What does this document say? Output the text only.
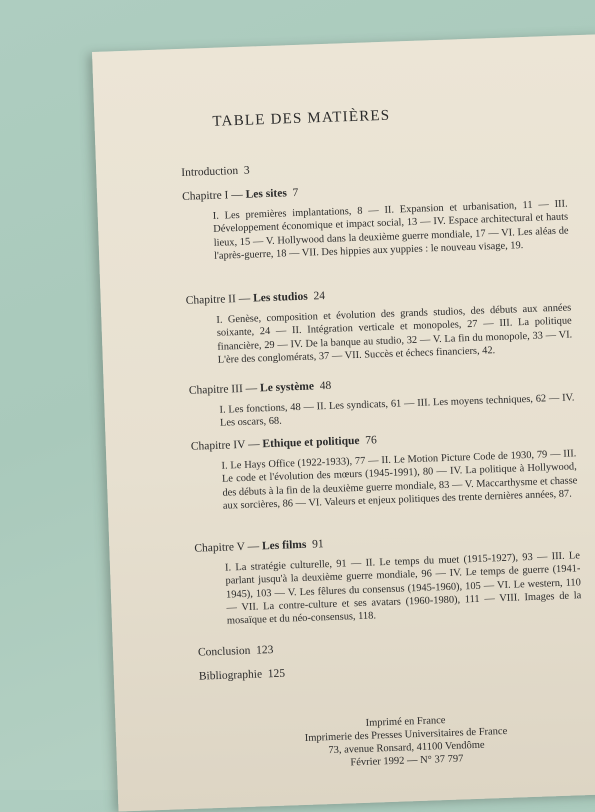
TABLE DES MATIÈRES
Introduction 3
Chapitre I — Les sites 7
I. Les premières implantations, 8 — II. Expansion et urbanisation, 11 — III. Développement économique et impact social, 13 — IV. Espace architectural et hauts lieux, 15 — V. Hollywood dans la deuxième guerre mondiale, 17 — VI. Les aléas de l'après-guerre, 18 — VII. Des hippies aux yuppies : le nouveau visage, 19.
Chapitre II — Les studios 24
I. Genèse, composition et évolution des grands studios, des débuts aux années soixante, 24 — II. Intégration verticale et monopoles, 27 — III. La politique financière, 29 — IV. De la banque au studio, 32 — V. La fin du monopole, 33 — VI. L'ère des conglomérats, 37 — VII. Succès et échecs financiers, 42.
Chapitre III — Le système 48
I. Les fonctions, 48 — II. Les syndicats, 61 — III. Les moyens techniques, 62 — IV. Les oscars, 68.
Chapitre IV — Ethique et politique 76
I. Le Hays Office (1922-1933), 77 — II. Le Motion Picture Code de 1930, 79 — III. Le code et l'évolution des mœurs (1945-1991), 80 — IV. La politique à Hollywood, des débuts à la fin de la deuxième guerre mondiale, 83 — V. Maccarthysme et chasse aux sorcières, 86 — VI. Valeurs et enjeux politiques des trente dernières années, 87.
Chapitre V — Les films 91
I. La stratégie culturelle, 91 — II. Le temps du muet (1915-1927), 93 — III. Le parlant jusqu'à la deuxième guerre mondiale, 96 — IV. Le temps de guerre (1941-1945), 103 — V. Les fêlures du consensus (1945-1960), 105 — VI. Le western, 110 — VII. La contre-culture et ses avatars (1960-1980), 111 — VIII. Images de la mosaïque et du néo-consensus, 118.
Conclusion 123
Bibliographie 125
Imprimé en France
Imprimerie des Presses Universitaires de France
73, avenue Ronsard, 41100 Vendôme
Février 1992 — N° 37 797
